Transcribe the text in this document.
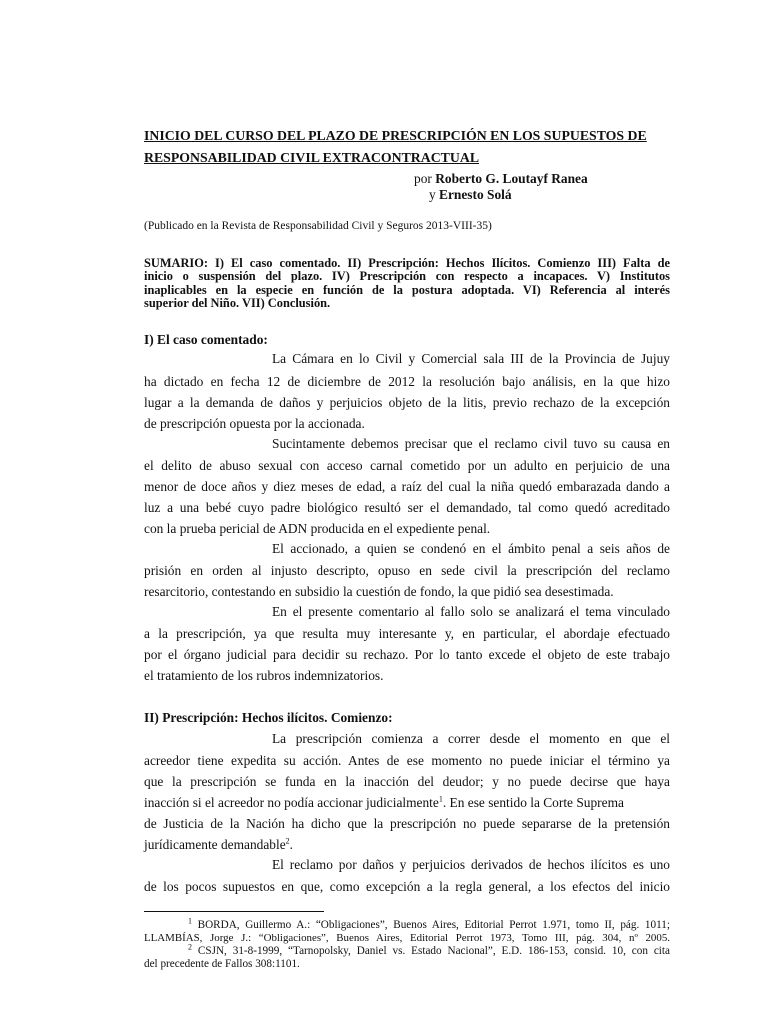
INICIO DEL CURSO DEL PLAZO DE PRESCRIPCIÓN EN LOS SUPUESTOS DE
RESPONSABILIDAD CIVIL EXTRACONTRACTUAL
por Roberto G. Loutayf Ranea
y Ernesto Solá
(Publicado en la Revista de Responsabilidad Civil y Seguros 2013-VIII-35)
SUMARIO: I) El caso comentado. II) Prescripción: Hechos Ilícitos. Comienzo III) Falta de
inicio o suspensión del plazo. IV) Prescripción con respecto a incapaces. V) Institutos
inaplicables en la especie en función de la postura adoptada. VI) Referencia al interés
superior del Niño. VII) Conclusión.
I) El caso comentado:
La Cámara en lo Civil y Comercial sala III de la Provincia de Jujuy
ha dictado en fecha 12 de diciembre de 2012 la resolución bajo análisis, en la que hizo
lugar a la demanda de daños y perjuicios objeto de la litis, previo rechazo de la excepción
de prescripción opuesta por la accionada.
Sucintamente debemos precisar que el reclamo civil tuvo su causa en
el delito de abuso sexual con acceso carnal cometido por un adulto en perjuicio de una
menor de doce años y diez meses de edad, a raíz del cual la niña quedó embarazada dando a
luz a una bebé cuyo padre biológico resultó ser el demandado, tal como quedó acreditado
con la prueba pericial de ADN producida en el expediente penal.
El accionado, a quien se condenó en el ámbito penal a seis años de
prisión en orden al injusto descripto, opuso en sede civil la prescripción del reclamo
resarcitorio, contestando en subsidio la cuestión de fondo, la que pidió sea desestimada.
En el presente comentario al fallo solo se analizará el tema vinculado
a la prescripción, ya que resulta muy interesante y, en particular, el abordaje efectuado
por el órgano judicial para decidir su rechazo. Por lo tanto excede el objeto de este trabajo
el tratamiento de los rubros indemnizatorios.
II) Prescripción: Hechos ilícitos. Comienzo:
La prescripción comienza a correr desde el momento en que el
acreedor tiene expedita su acción. Antes de ese momento no puede iniciar el término ya
que la prescripción se funda en la inacción del deudor; y no puede decirse que haya
inacción si el acreedor no podía accionar judicialmente$^1$. En ese sentido la Corte Suprema
de Justicia de la Nación ha dicho que la prescripción no puede separarse de la pretensión
jurídicamente demandable$^2$.
El reclamo por daños y perjuicios derivados de hechos ilícitos es uno
de los pocos supuestos en que, como excepción a la regla general, a los efectos del inicio
$^1$ BORDA, Guillermo A.: “Obligaciones”, Buenos Aires, Editorial Perrot 1.971, tomo II, pág. 1011;
LLAMBÍAS, Jorge J.: “Obligaciones”, Buenos Aires, Editorial Perrot 1973, Tomo III, pág. 304, nº 2005.
$^2$ CSJN, 31-8-1999, “Tarnopolsky, Daniel vs. Estado Nacional”, E.D. 186-153, consid. 10, con cita
del precedente de Fallos 308:1101.
